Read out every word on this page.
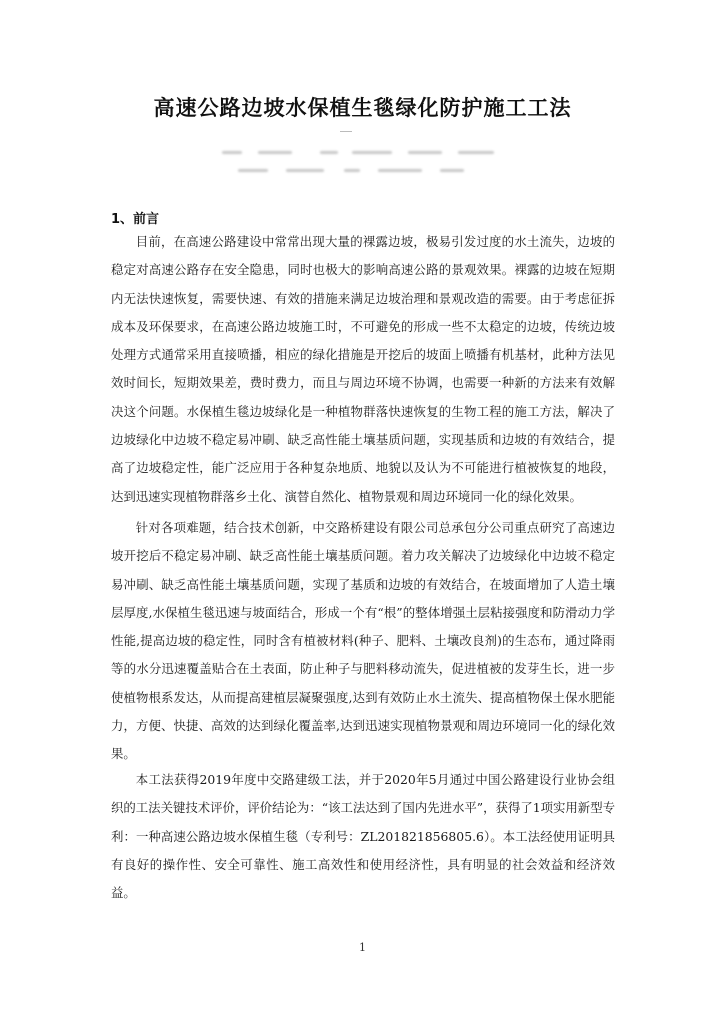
高速公路边坡水保植生毯绿化防护施工工法
1、前言

目前，在高速公路建设中常常出现大量的裸露边坡，极易引发过度的水土流失，边坡的稳定对高速公路存在安全隐患，同时也极大的影响高速公路的景观效果。裸露的边坡在短期内无法快速恢复，需要快速、有效的措施来满足边坡治理和景观改造的需要。由于考虑征拆成本及环保要求，在高速公路边坡施工时，不可避免的形成一些不太稳定的边坡，传统边坡处理方式通常采用直接喷播，相应的绿化措施是开挖后的坡面上喷播有机基材，此种方法见效时间长，短期效果差，费时费力，而且与周边环境不协调，也需要一种新的方法来有效解决这个问题。水保植生毯边坡绿化是一种植物群落快速恢复的生物工程的施工方法，解决了边坡绿化中边坡不稳定易冲刷、缺乏高性能土壤基质问题，实现基质和边坡的有效结合，提高了边坡稳定性，能广泛应用于各种复杂地质、地貌以及认为不可能进行植被恢复的地段，达到迅速实现植物群落乡土化、演替自然化、植物景观和周边环境同一化的绿化效果。

针对各项难题，结合技术创新，中交路桥建设有限公司总承包分公司重点研究了高速边坡开挖后不稳定易冲刷、缺乏高性能土壤基质问题。着力攻关解决了边坡绿化中边坡不稳定易冲刷、缺乏高性能土壤基质问题，实现了基质和边坡的有效结合，在坡面增加了人造土壤层厚度,水保植生毯迅速与坡面结合，形成一个有“根”的整体增强土层粘接强度和防滑动力学性能,提高边坡的稳定性，同时含有植被材料(种子、肥料、土壤改良剂)的生态布，通过降雨等的水分迅速覆盖贴合在土表面，防止种子与肥料移动流失，促进植被的发芽生长，进一步使植物根系发达，从而提高建植层凝聚强度,达到有效防止水土流失、提高植物保土保水肥能力，方便、快捷、高效的达到绿化覆盖率,达到迅速实现植物景观和周边环境同一化的绿化效果。

本工法获得2019年度中交路建级工法，并于2020年5月通过中国公路建设行业协会组织的工法关键技术评价，评价结论为：“该工法达到了国内先进水平”，获得了1项实用新型专利：一种高速公路边坡水保植生毯（专利号：ZL201821856805.6）。本工法经使用证明具有良好的操作性、安全可靠性、施工高效性和使用经济性，具有明显的社会效益和经济效益。

1
